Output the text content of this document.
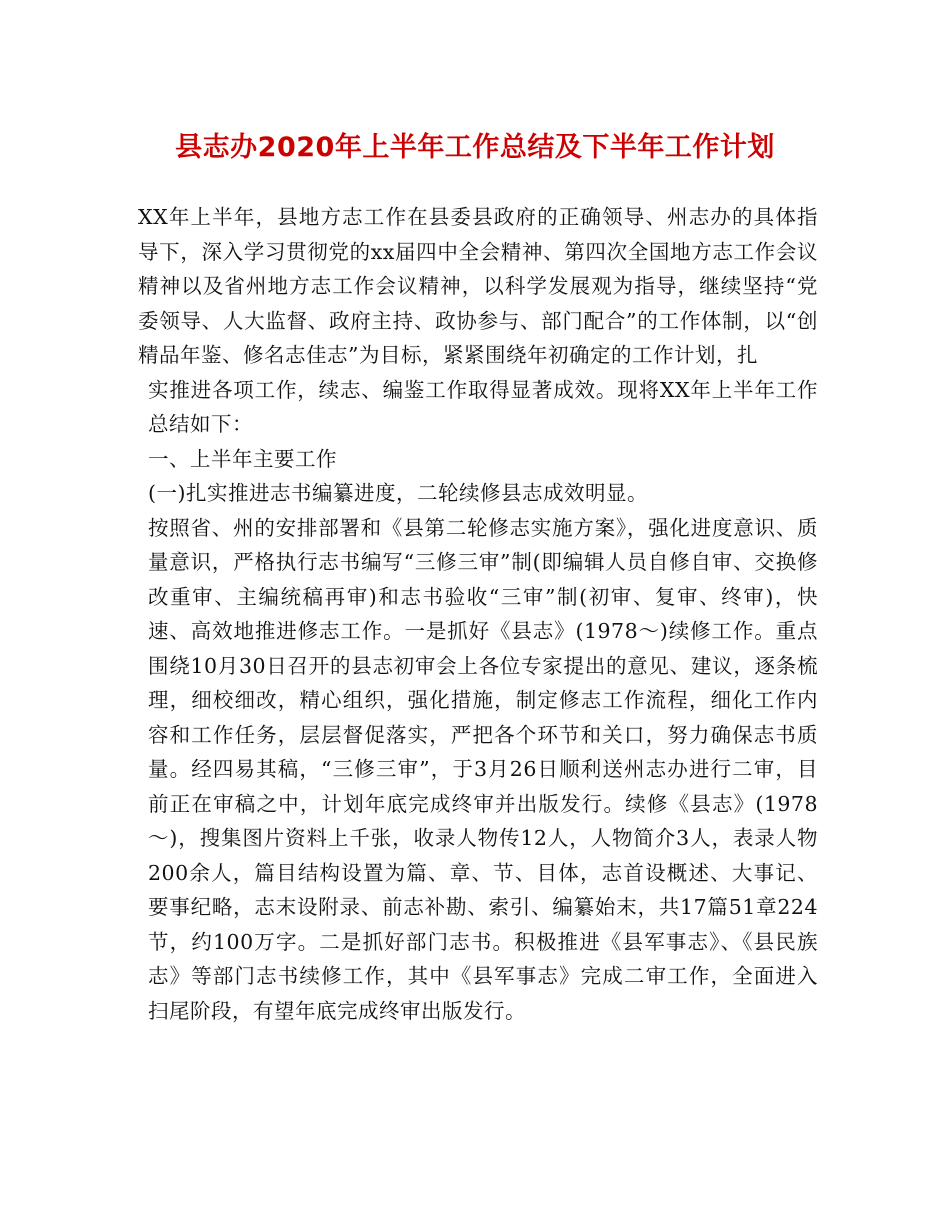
县志办2020年上半年工作总结及下半年工作计划

XX年上半年，县地方志工作在县委县政府的正确领导、州志办的具体指导下，深入学习贯彻党的xx届四中全会精神、第四次全国地方志工作会议精神以及省州地方志工作会议精神，以科学发展观为指导，继续坚持“党委领导、人大监督、政府主持、政协参与、部门配合”的工作体制，以“创精品年鉴、修名志佳志”为目标，紧紧围绕年初确定的工作计划，扎

实推进各项工作，续志、编鉴工作取得显著成效。现将XX年上半年工作总结如下：

一、上半年主要工作

(一)扎实推进志书编纂进度，二轮续修县志成效明显。

按照省、州的安排部署和《县第二轮修志实施方案》，强化进度意识、质量意识，严格执行志书编写“三修三审”制(即编辑人员自修自审、交换修改重审、主编统稿再审)和志书验收“三审”制(初审、复审、终审)，快速、高效地推进修志工作。一是抓好《县志》(1978～)续修工作。重点围绕10月30日召开的县志初审会上各位专家提出的意见、建议，逐条梳理，细校细改，精心组织，强化措施，制定修志工作流程，细化工作内容和工作任务，层层督促落实，严把各个环节和关口，努力确保志书质量。经四易其稿，“三修三审”，于3月26日顺利送州志办进行二审，目前正在审稿之中，计划年底完成终审并出版发行。续修《县志》(1978～)，搜集图片资料上千张，收录人物传12人，人物简介3人，表录人物200余人，篇目结构设置为篇、章、节、目体，志首设概述、大事记、要事纪略，志末设附录、前志补勘、索引、编纂始末，共17篇51章224节，约100万字。二是抓好部门志书。积极推进《县军事志》、《县民族志》等部门志书续修工作，其中《县军事志》完成二审工作，全面进入扫尾阶段，有望年底完成终审出版发行。
